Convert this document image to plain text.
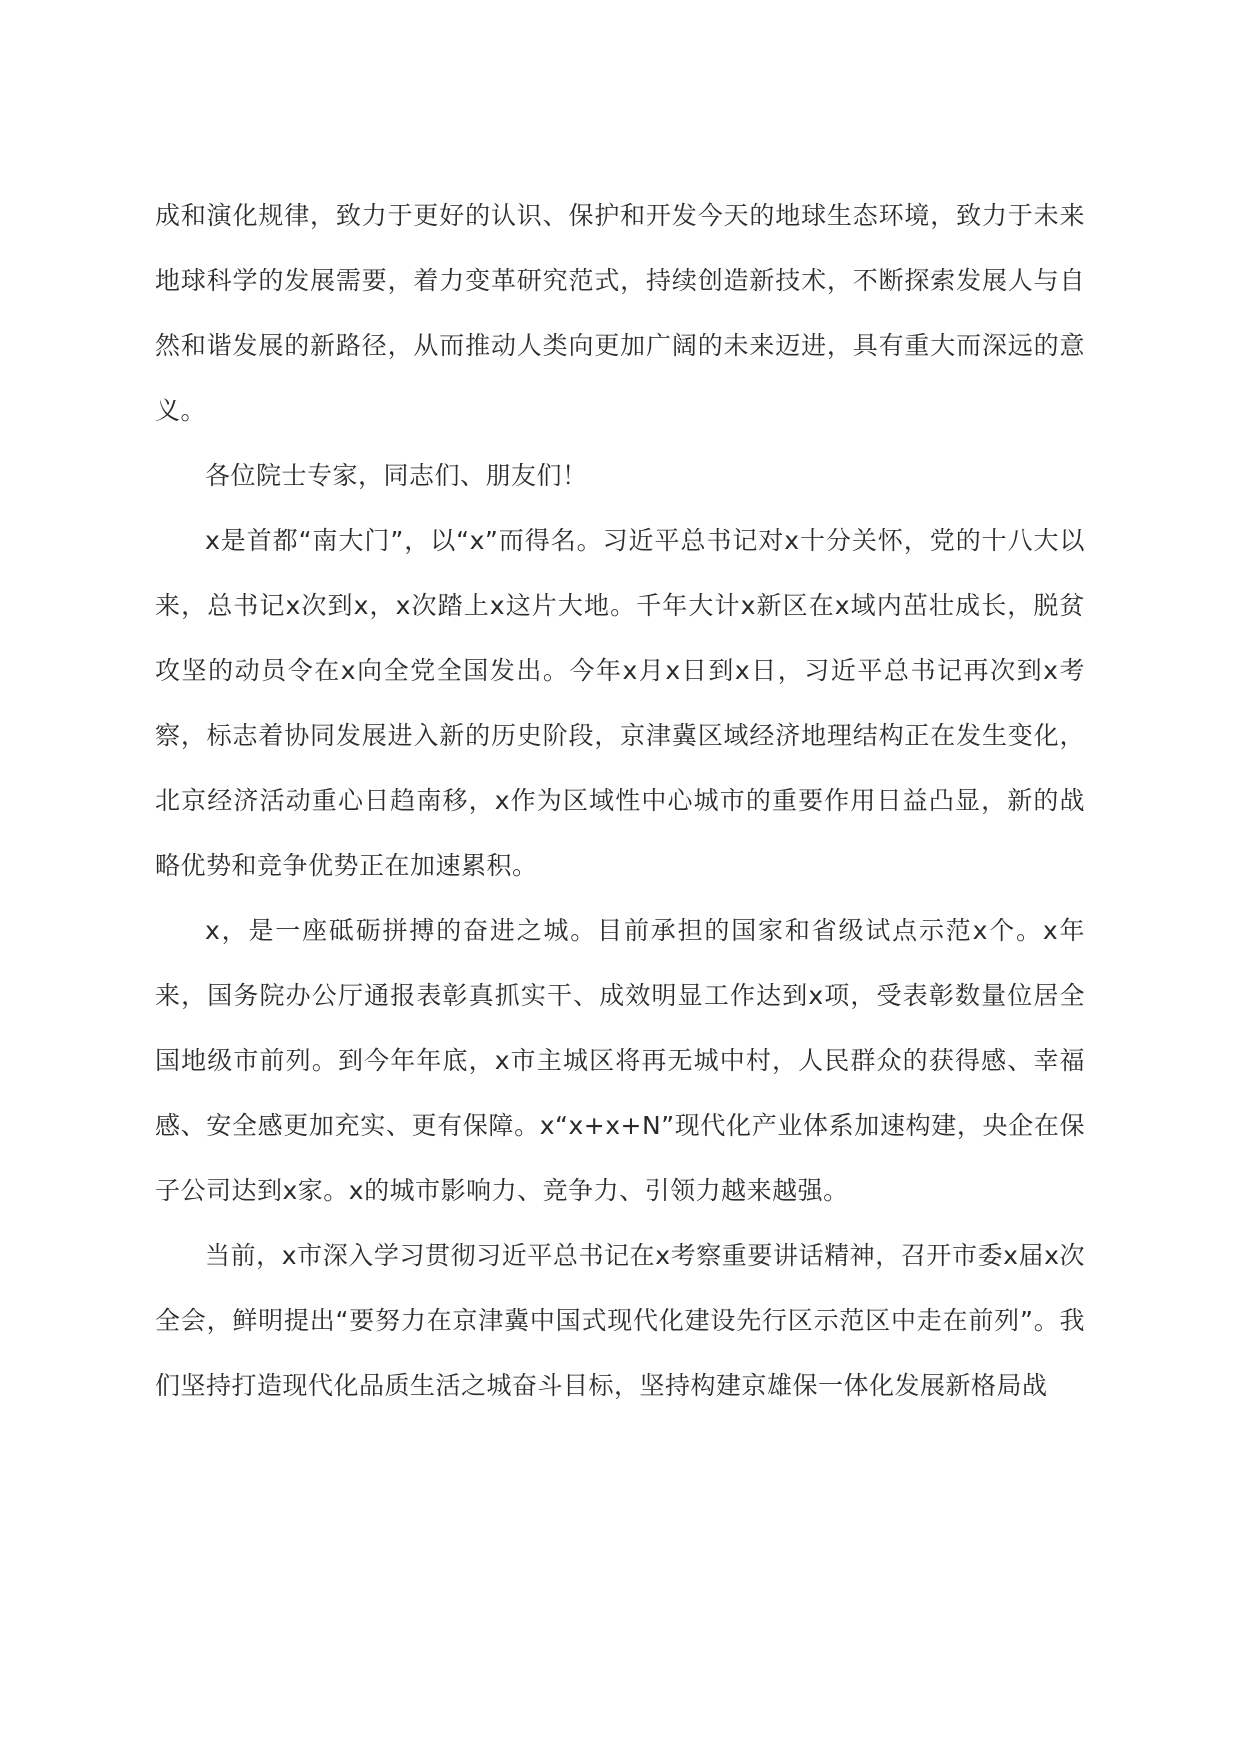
成和演化规律，致力于更好的认识、保护和开发今天的地球生态环境，致力于未来地球科学的发展需要，着力变革研究范式，持续创造新技术，不断探索发展人与自然和谐发展的新路径，从而推动人类向更加广阔的未来迈进，具有重大而深远的意义。

各位院士专家，同志们、朋友们！

x是首都“南大门”，以“x”而得名。习近平总书记对x十分关怀，党的十八大以来，总书记x次到x，x次踏上x这片大地。千年大计x新区在x域内茁壮成长，脱贫攻坚的动员令在x向全党全国发出。今年x月x日到x日，习近平总书记再次到x考察，标志着协同发展进入新的历史阶段，京津冀区域经济地理结构正在发生变化，北京经济活动重心日趋南移，x作为区域性中心城市的重要作用日益凸显，新的战略优势和竞争优势正在加速累积。

x，是一座砥砺拼搏的奋进之城。目前承担的国家和省级试点示范x个。x年来，国务院办公厅通报表彰真抓实干、成效明显工作达到x项，受表彰数量位居全国地级市前列。到今年年底，x市主城区将再无城中村，人民群众的获得感、幸福感、安全感更加充实、更有保障。x“x+x+N”现代化产业体系加速构建，央企在保子公司达到x家。x的城市影响力、竞争力、引领力越来越强。

当前，x市深入学习贯彻习近平总书记在x考察重要讲话精神，召开市委x届x次全会，鲜明提出“要努力在京津冀中国式现代化建设先行区示范区中走在前列”。我们坚持打造现代化品质生活之城奋斗目标，坚持构建京雄保一体化发展新格局战
